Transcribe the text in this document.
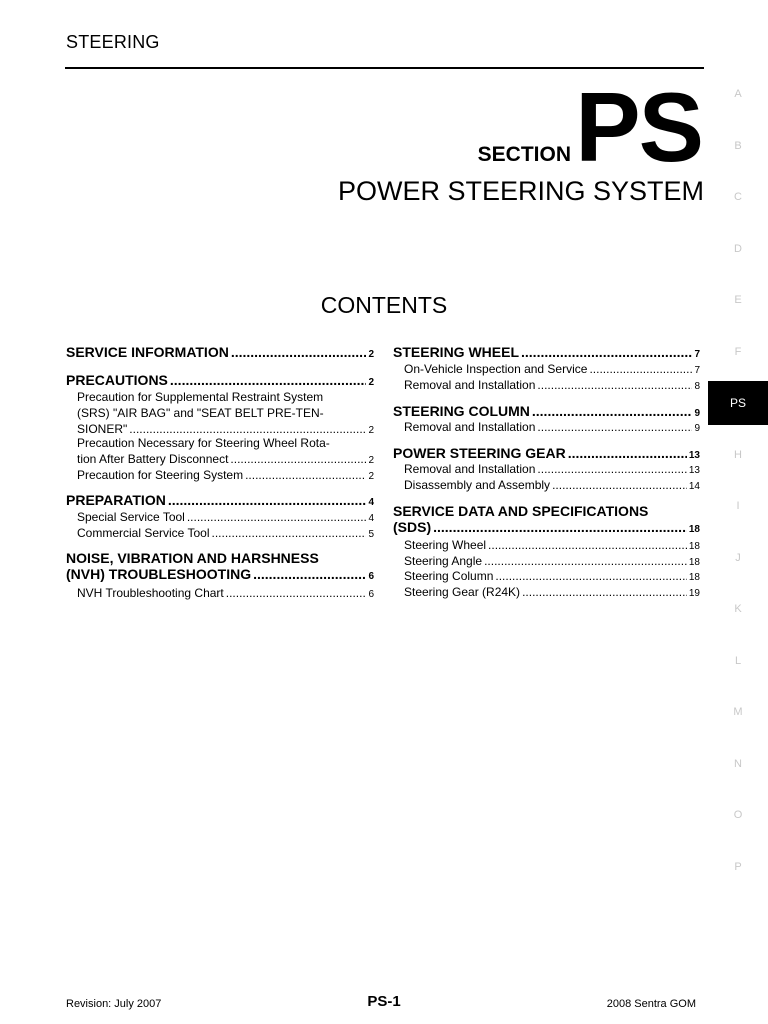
STEERING
SECTION PS
POWER STEERING SYSTEM
CONTENTS
SERVICE INFORMATION .....	2
PRECAUTIONS .....	2
Precaution for Supplemental Restraint System
(SRS) "AIR BAG" and "SEAT BELT PRE-TEN-
SIONER" .....	2
Precaution Necessary for Steering Wheel Rota-
tion After Battery Disconnect .....	2
Precaution for Steering System .....	2
PREPARATION .....	4
Special Service Tool .....	4
Commercial Service Tool .....	5
NOISE, VIBRATION AND HARSHNESS
(NVH) TROUBLESHOOTING .....	6
NVH Troubleshooting Chart .....	6
STEERING WHEEL .....	7
On-Vehicle Inspection and Service .....	7
Removal and Installation .....	8
STEERING COLUMN .....	9
Removal and Installation .....	9
POWER STEERING GEAR .....	13
Removal and Installation .....	13
Disassembly and Assembly .....	14
SERVICE DATA AND SPECIFICATIONS
(SDS) .....	18
Steering Wheel .....	18
Steering Angle .....	18
Steering Column .....	18
Steering Gear (R24K) .....	19
A
B
C
D
E
F
PS
H
I
J
K
L
M
N
O
P
Revision: July 2007	PS-1	2008 Sentra GOM
